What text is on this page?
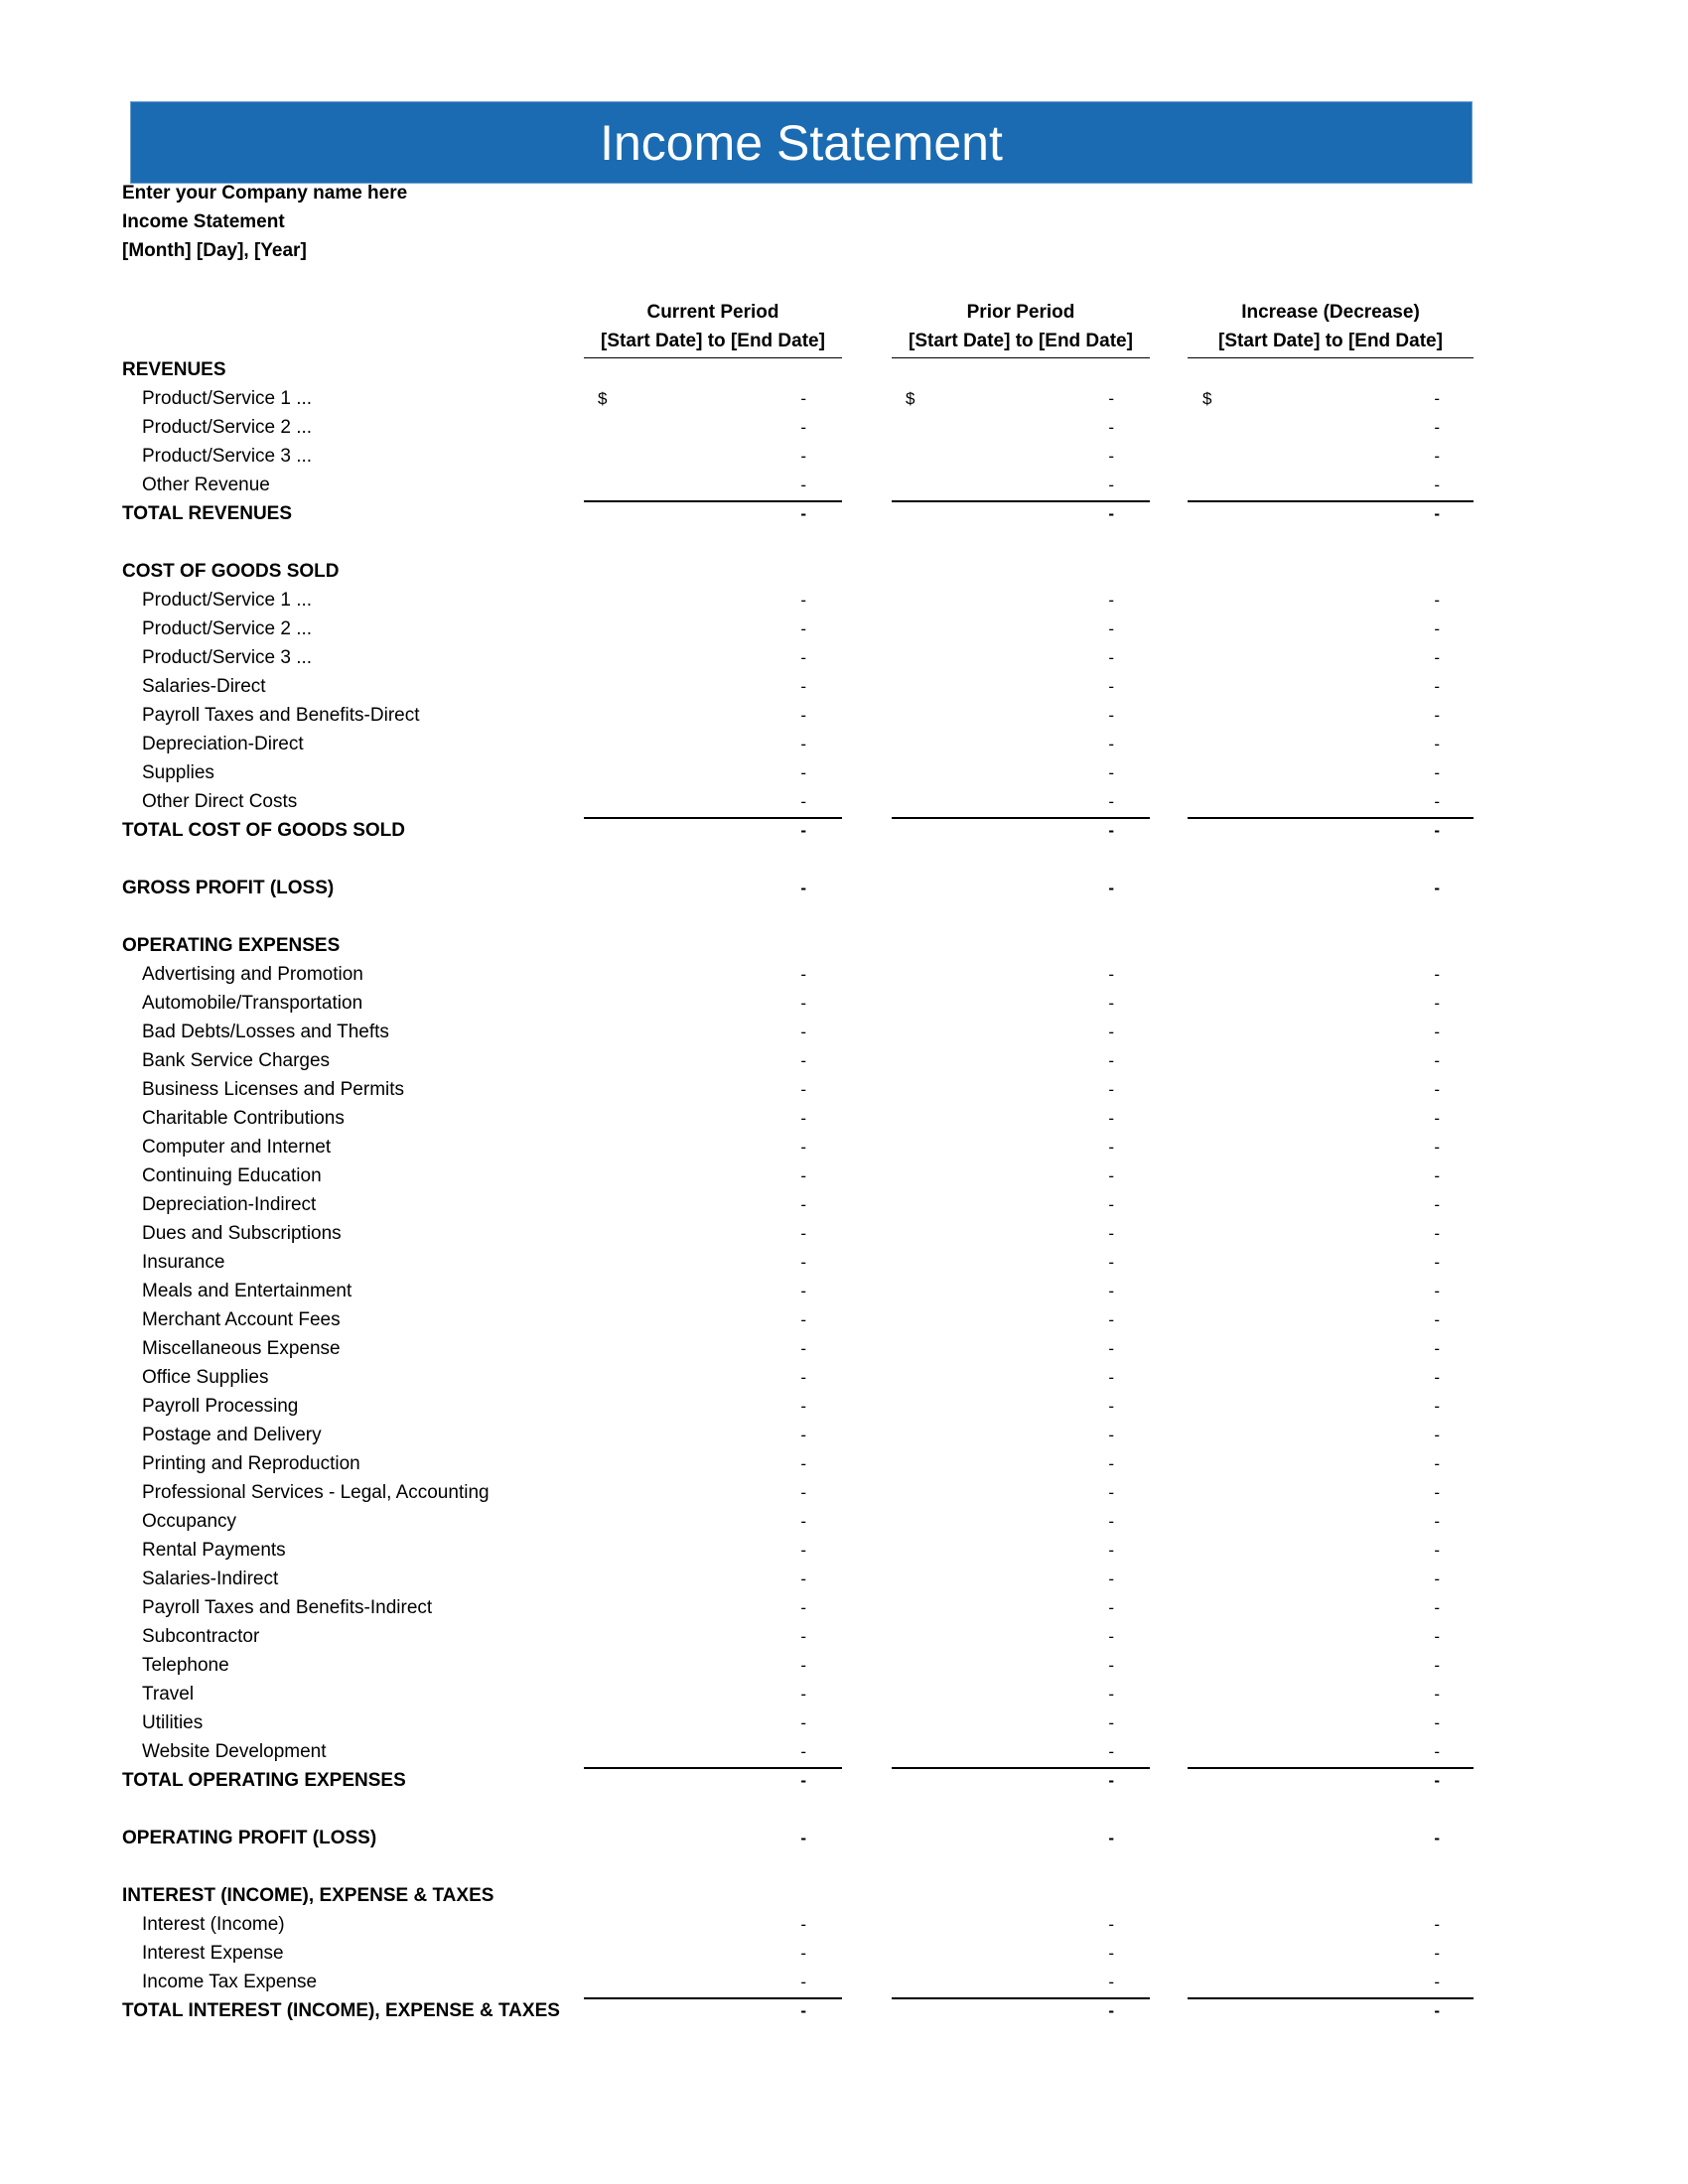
Income Statement
Enter your Company name here
Income Statement
[Month] [Day], [Year]
Current Period
[Start Date] to [End Date]
Prior Period
[Start Date] to [End Date]
Increase (Decrease)
[Start Date] to [End Date]
REVENUES
Product/Service 1 ...	$	-	$	-	$	-
Product/Service 2 ...	-	-	-
Product/Service 3 ...	-	-	-
Other Revenue	-	-	-
TOTAL REVENUES	-	-	-
COST OF GOODS SOLD
Product/Service 1 ...	-	-	-
Product/Service 2 ...	-	-	-
Product/Service 3 ...	-	-	-
Salaries-Direct	-	-	-
Payroll Taxes and Benefits-Direct	-	-	-
Depreciation-Direct	-	-	-
Supplies	-	-	-
Other Direct Costs	-	-	-
TOTAL COST OF GOODS SOLD	-	-	-
GROSS PROFIT (LOSS)	-	-	-
OPERATING EXPENSES
Advertising and Promotion	-	-	-
Automobile/Transportation	-	-	-
Bad Debts/Losses and Thefts	-	-	-
Bank Service Charges	-	-	-
Business Licenses and Permits	-	-	-
Charitable Contributions	-	-	-
Computer and Internet	-	-	-
Continuing Education	-	-	-
Depreciation-Indirect	-	-	-
Dues and Subscriptions	-	-	-
Insurance	-	-	-
Meals and Entertainment	-	-	-
Merchant Account Fees	-	-	-
Miscellaneous Expense	-	-	-
Office Supplies	-	-	-
Payroll Processing	-	-	-
Postage and Delivery	-	-	-
Printing and Reproduction	-	-	-
Professional Services - Legal, Accounting	-	-	-
Occupancy	-	-	-
Rental Payments	-	-	-
Salaries-Indirect	-	-	-
Payroll Taxes and Benefits-Indirect	-	-	-
Subcontractor	-	-	-
Telephone	-	-	-
Travel	-	-	-
Utilities	-	-	-
Website Development	-	-	-
TOTAL OPERATING EXPENSES	-	-	-
OPERATING PROFIT (LOSS)	-	-	-
INTEREST (INCOME), EXPENSE & TAXES
Interest (Income)	-	-	-
Interest Expense	-	-	-
Income Tax Expense	-	-	-
TOTAL INTEREST (INCOME), EXPENSE & TAXES	-	-	-
